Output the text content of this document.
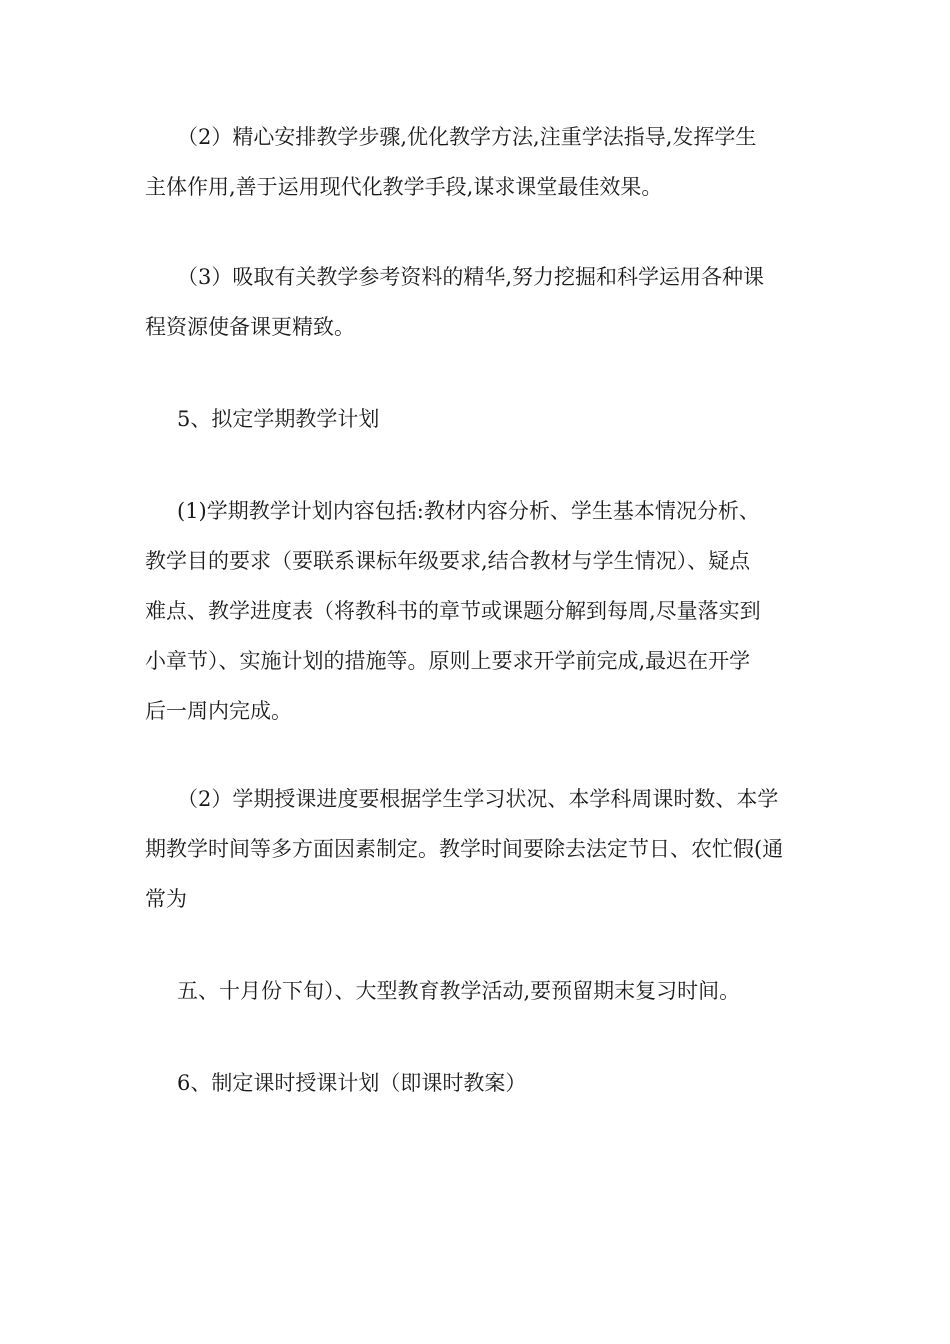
（2）精心安排教学步骤,优化教学方法,注重学法指导,发挥学生
主体作用,善于运用现代化教学手段,谋求课堂最佳效果。
（3）吸取有关教学参考资料的精华,努力挖掘和科学运用各种课
程资源使备课更精致。
5、拟定学期教学计划
(1)学期教学计划内容包括:教材内容分析、学生基本情况分析、
教学目的要求（要联系课标年级要求,结合教材与学生情况）、疑点
难点、教学进度表（将教科书的章节或课题分解到每周,尽量落实到
小章节）、实施计划的措施等。原则上要求开学前完成,最迟在开学
后一周内完成。
（2）学期授课进度要根据学生学习状况、本学科周课时数、本学
期教学时间等多方面因素制定。教学时间要除去法定节日、农忙假(通
常为
五、十月份下旬）、大型教育教学活动,要预留期末复习时间。
6、制定课时授课计划（即课时教案）
